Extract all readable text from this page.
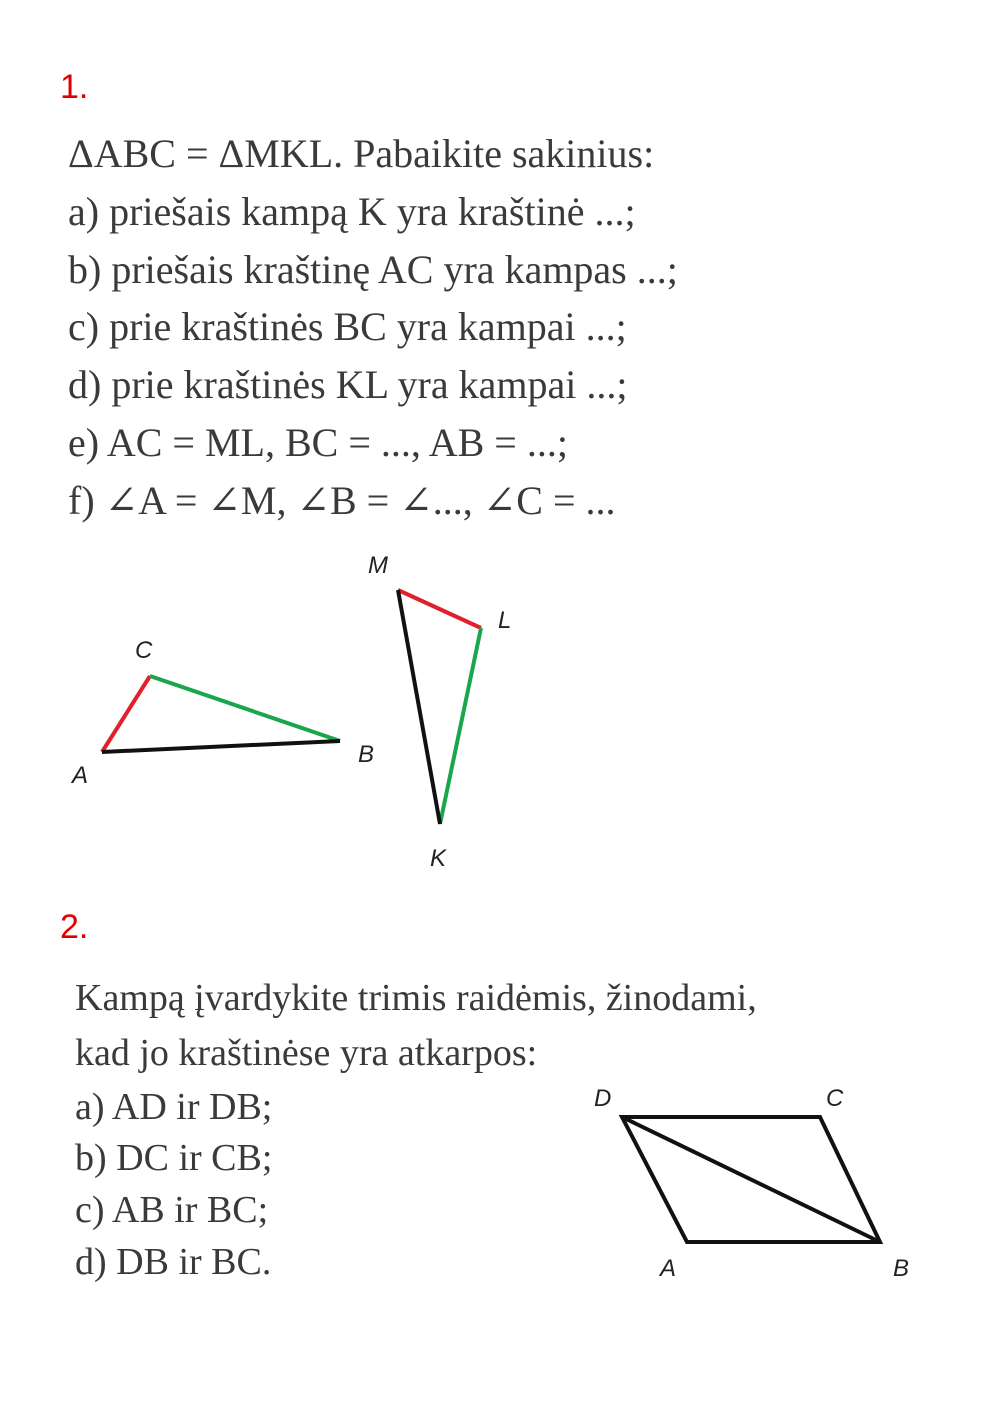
1.
ΔABC = ΔMKL. Pabaikite sakinius:
a) priešais kampą K yra kraštinė ...;
b) priešais kraštinę AC yra kampas ...;
c) prie kraštinės BC yra kampai ...;
d) prie kraštinės KL yra kampai ...;
e) AC = ML, BC = ..., AB = ...;
f) ∠A = ∠M, ∠B = ∠..., ∠C = ...
C
A
B
M
L
K
D	C
A	B
2.
Kampą įvardykite trimis raidėmis, žinodami,
kad jo kraštinėse yra atkarpos:
a) AD ir DB;
b) DC ir CB;
c) AB ir BC;
d) DB ir BC.
